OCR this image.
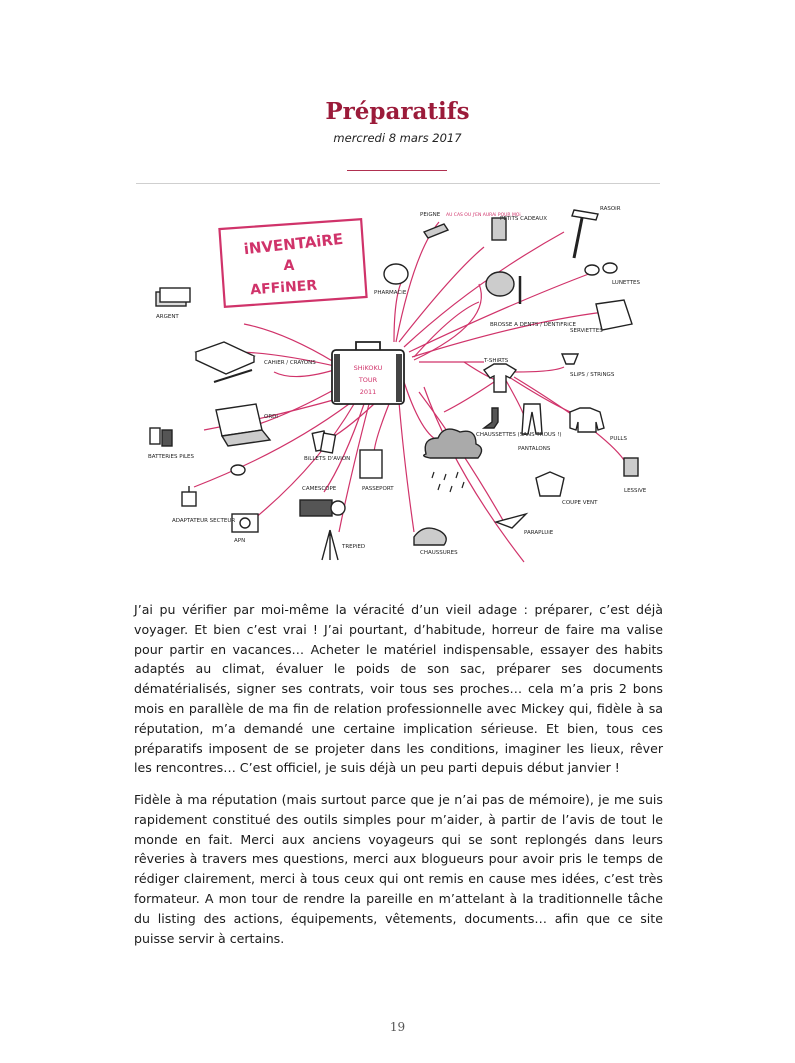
Préparatifs
mercredi 8 mars 2017
iNVENTAiRE
A
AFFiNER
SHiKOKU
TOUR
2011
ARGENT
CAHiER / CRAYONS
ORDi
BATTERiES PiLES
ADAPTATEUR SECTEUR
APN
CAMESCOPE
TREPiED
BiLLETS D'AViON
PASSEPORT
CHAUSSURES
PHARMACiE
PEiGNE AU CAS OU J'EN AURAi POUR MOi
PETiTS CADEAUX
RASOiR
LUNETTES
BROSSE A DENTS / DENTiFRiCE
SERViETTES
T-SHiRTS
SLiPS / STRiNGS
CHAUSSETTES (SANS TROUS !)
PANTALONS
PULLS
LESSiVE
COUPE VENT
PARAPLUiE

J’ai pu vérifier par moi-même la véracité d’un vieil adage : préparer, c’est déjà voyager. Et bien c’est vrai ! J’ai pourtant, d’habitude, horreur de faire ma valise pour partir en vacances… Acheter le matériel indispensable, essayer des habits adaptés au climat, évaluer le poids de son sac, préparer ses documents dématérialisés, signer ses contrats, voir tous ses proches… cela m’a pris 2 bons mois en parallèle de ma fin de relation professionnelle avec Mickey qui, fidèle à sa réputation, m’a demandé une certaine implication sérieuse. Et bien, tous ces préparatifs imposent de se projeter dans les conditions, imaginer les lieux, rêver les rencontres… C’est officiel, je suis déjà un peu parti depuis début janvier !

Fidèle à ma réputation (mais surtout parce que je n’ai pas de mémoire), je me suis rapidement constitué des outils simples pour m’aider, à partir de l’avis de tout le monde en fait. Merci aux anciens voyageurs qui se sont replongés dans leurs rêveries à travers mes questions, merci aux blogueurs pour avoir pris le temps de rédiger clairement, merci à tous ceux qui ont remis en cause mes idées, c’est très formateur. A mon tour de rendre la pareille en m’attelant à la traditionnelle tâche du listing des actions, équipements, vêtements, documents… afin que ce site puisse servir à certains.

19
